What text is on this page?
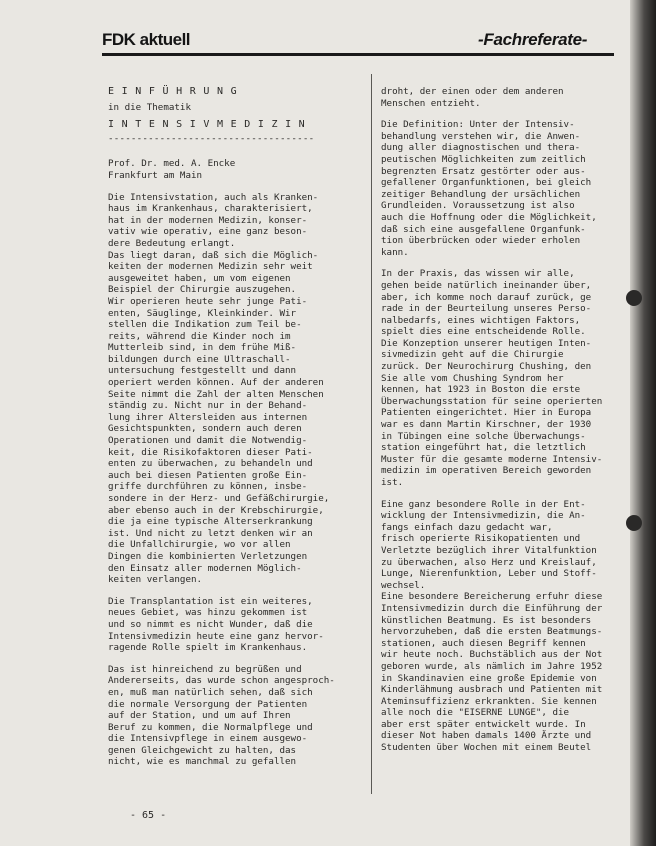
FDK aktuell	-Fachreferate-
EINFÜHRUNG
in die Thematik
INTENSIVMEDIZIN
------------------------------------
Prof. Dr. med. A. Encke
Frankfurt am Main
Die Intensivstation, auch als Kranken-
haus im Krankenhaus, charakterisiert,
hat in der modernen Medizin, konser-
vativ wie operativ, eine ganz beson-
dere Bedeutung erlangt.
Das liegt daran, daß sich die Möglich-
keiten der modernen Medizin sehr weit
ausgeweitet haben, um vom eigenen
Beispiel der Chirurgie auszugehen.
Wir operieren heute sehr junge Pati-
enten, Säuglinge, Kleinkinder. Wir
stellen die Indikation zum Teil be-
reits, während die Kinder noch im
Mutterleib sind, in dem frühe Miß-
bildungen durch eine Ultraschall-
untersuchung festgestellt und dann
operiert werden können. Auf der anderen
Seite nimmt die Zahl der alten Menschen
ständig zu. Nicht nur in der Behand-
lung ihrer Altersleiden aus internen
Gesichtspunkten, sondern auch deren
Operationen und damit die Notwendig-
keit, die Risikofaktoren dieser Pati-
enten zu überwachen, zu behandeln und
auch bei diesen Patienten große Ein-
griffe durchführen zu können, insbe-
sondere in der Herz- und Gefäßchirurgie,
aber ebenso auch in der Krebschirurgie,
die ja eine typische Alterserkrankung
ist. Und nicht zu letzt denken wir an
die Unfallchirurgie, wo vor allen
Dingen die kombinierten Verletzungen
den Einsatz aller modernen Möglich-
keiten verlangen.
Die Transplantation ist ein weiteres,
neues Gebiet, was hinzu gekommen ist
und so nimmt es nicht Wunder, daß die
Intensivmedizin heute eine ganz hervor-
ragende Rolle spielt im Krankenhaus.
Das ist hinreichend zu begrüßen und
Andererseits, das wurde schon angesproch-
en, muß man natürlich sehen, daß sich
die normale Versorgung der Patienten
auf der Station, und um auf Ihren
Beruf zu kommen, die Normalpflege und
die Intensivpflege in einem ausgewo-
genen Gleichgewicht zu halten, das
nicht, wie es manchmal zu gefallen
droht, der einen oder dem anderen
Menschen entzieht.
Die Definition: Unter der Intensiv-
behandlung verstehen wir, die Anwen-
dung aller diagnostischen und thera-
peutischen Möglichkeiten zum zeitlich
begrenzten Ersatz gestörter oder aus-
gefallener Organfunktionen, bei gleich
zeitiger Behandlung der ursächlichen
Grundleiden. Voraussetzung ist also
auch die Hoffnung oder die Möglichkeit,
daß sich eine ausgefallene Organfunk-
tion überbrücken oder wieder erholen
kann.
In der Praxis, das wissen wir alle,
gehen beide natürlich ineinander über,
aber, ich komme noch darauf zurück, ge
rade in der Beurteilung unseres Perso-
nalbedarfs, eines wichtigen Faktors,
spielt dies eine entscheidende Rolle.
Die Konzeption unserer heutigen Inten-
sivmedizin geht auf die Chirurgie
zurück. Der Neurochirurg Chushing, den
Sie alle vom Chushing Syndrom her
kennen, hat 1923 in Boston die erste
Überwachungsstation für seine operierten
Patienten eingerichtet. Hier in Europa
war es dann Martin Kirschner, der 1930
in Tübingen eine solche Überwachungs-
station eingeführt hat, die letztlich
Muster für die gesamte moderne Intensiv-
medizin im operativen Bereich geworden
ist.
Eine ganz besondere Rolle in der Ent-
wicklung der Intensivmedizin, die An-
fangs einfach dazu gedacht war,
frisch operierte Risikopatienten und
Verletzte bezüglich ihrer Vitalfunktion
zu überwachen, also Herz und Kreislauf,
Lunge, Nierenfunktion, Leber und Stoff-
wechsel.
Eine besondere Bereicherung erfuhr diese
Intensivmedizin durch die Einführung der
künstlichen Beatmung. Es ist besonders
hervorzuheben, daß die ersten Beatmungs-
stationen, auch diesen Begriff kennen
wir heute noch. Buchstäblich aus der Not
geboren wurde, als nämlich im Jahre 1952
in Skandinavien eine große Epidemie von
Kinderlähmung ausbrach und Patienten mit
Ateminsuffizienz erkrankten. Sie kennen
alle noch die "EISERNE LUNGE", die
aber erst später entwickelt wurde. In
dieser Not haben damals 1400 Ärzte und
Studenten über Wochen mit einem Beutel
- 65 -
